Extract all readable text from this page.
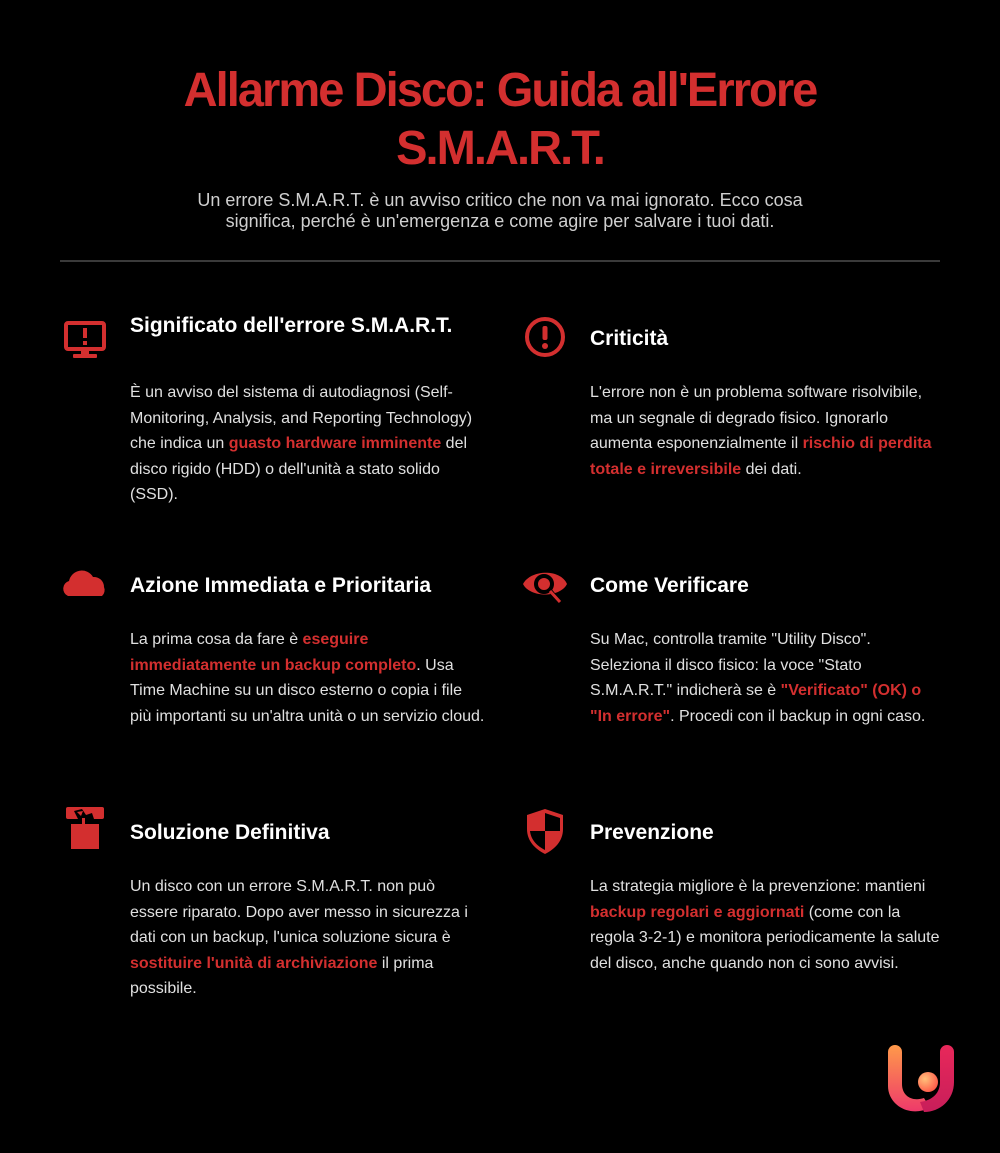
Allarme Disco: Guida all'Errore
S.M.A.R.T.

Un errore S.M.A.R.T. è un avviso critico che non va mai ignorato. Ecco cosa significa, perché è un'emergenza e come agire per salvare i tuoi dati.

Significato dell'errore S.M.A.R.T.

È un avviso del sistema di autodiagnosi (Self-Monitoring, Analysis, and Reporting Technology) che indica un guasto hardware imminente del disco rigido (HDD) o dell'unità a stato solido (SSD).

Criticità

L'errore non è un problema software risolvibile, ma un segnale di degrado fisico. Ignorarlo aumenta esponenzialmente il rischio di perdita totale e irreversibile dei dati.

Azione Immediata e Prioritaria

La prima cosa da fare è eseguire immediatamente un backup completo. Usa Time Machine su un disco esterno o copia i file più importanti su un'altra unità o un servizio cloud.

Come Verificare

Su Mac, controlla tramite "Utility Disco". Seleziona il disco fisico: la voce "Stato S.M.A.R.T." indicherà se è "Verificato" (OK) o "In errore". Procedi con il backup in ogni caso.

Soluzione Definitiva

Un disco con un errore S.M.A.R.T. non può essere riparato. Dopo aver messo in sicurezza i dati con un backup, l'unica soluzione sicura è sostituire l'unità di archiviazione il prima possibile.

Prevenzione

La strategia migliore è la prevenzione: mantieni backup regolari e aggiornati (come con la regola 3-2-1) e monitora periodicamente la salute del disco, anche quando non ci sono avvisi.
